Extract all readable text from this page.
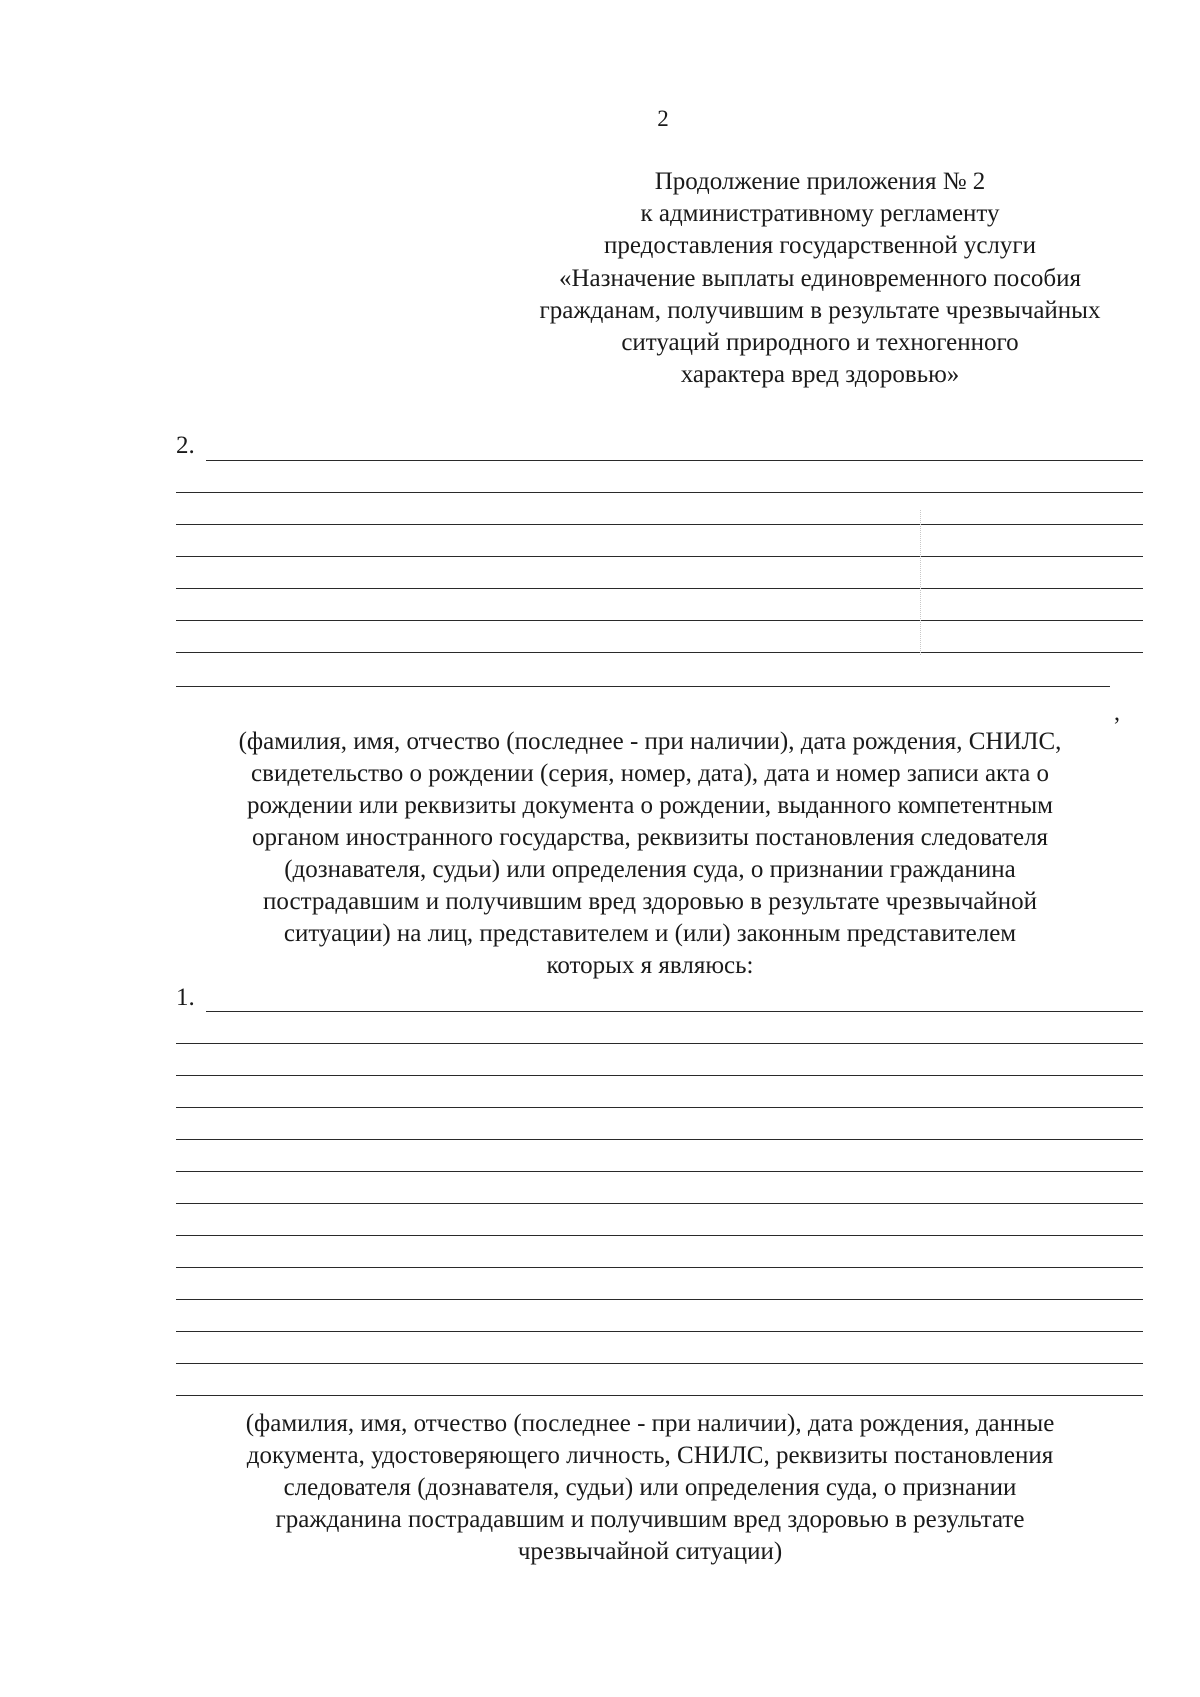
2
Продолжение приложения № 2
к административному регламенту
предоставления государственной услуги
«Назначение выплаты единовременного пособия
гражданам, получившим в результате чрезвычайных
ситуаций природного и техногенного
характера вред здоровью»
2.
,
(фамилия, имя, отчество (последнее - при наличии), дата рождения, СНИЛС,
свидетельство о рождении (серия, номер, дата), дата и номер записи акта о
рождении или реквизиты документа о рождении, выданного компетентным
органом иностранного государства, реквизиты постановления следователя
(дознавателя, судьи) или определения суда, о признании гражданина
пострадавшим и получившим вред здоровью в результате чрезвычайной
ситуации) на лиц, представителем и (или) законным представителем
которых я являюсь:
1.
(фамилия, имя, отчество (последнее - при наличии), дата рождения, данные
документа, удостоверяющего личность, СНИЛС, реквизиты постановления
следователя (дознавателя, судьи) или определения суда, о признании
гражданина пострадавшим и получившим вред здоровью в результате
чрезвычайной ситуации)
